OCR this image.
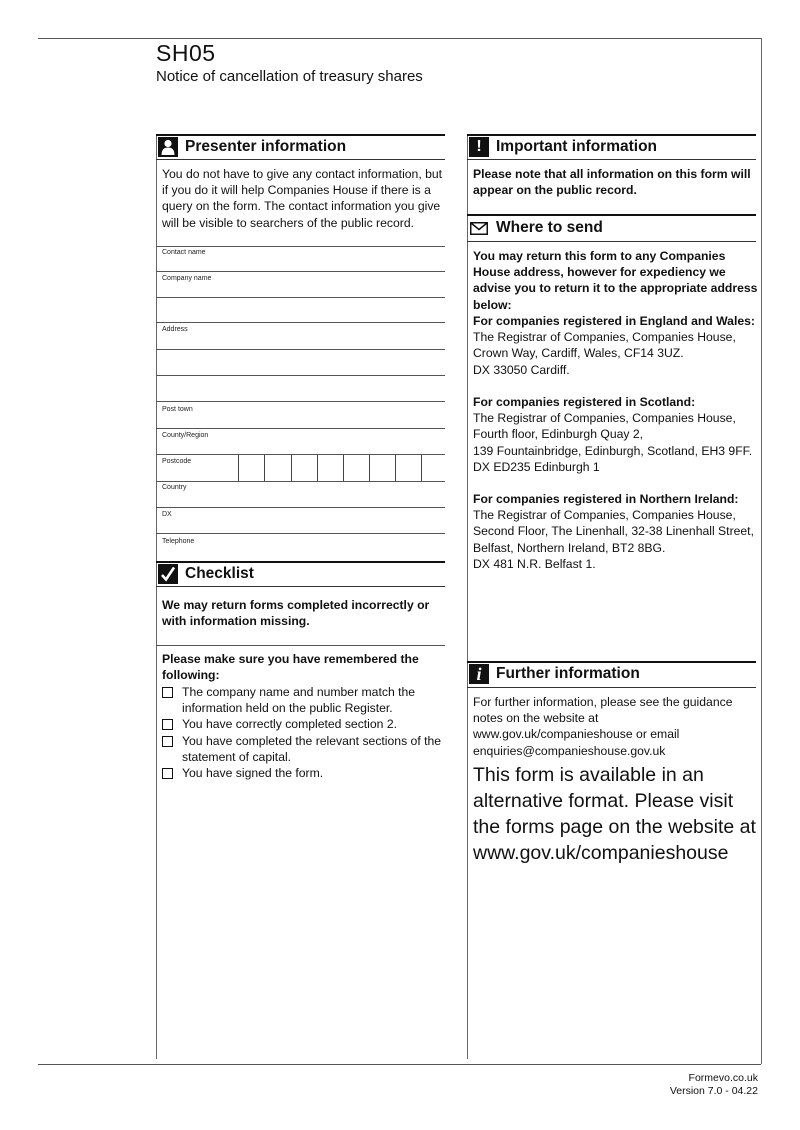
SH05
Notice of cancellation of treasury shares
Presenter information
You do not have to give any contact information, but if you do it will help Companies House if there is a query on the form. The contact information you give will be visible to searchers of the public record.
Contact name
Company name
Address
Post town
County/Region
Postcode
Country
DX
Telephone
Checklist
We may return forms completed incorrectly or with information missing.
Please make sure you have remembered the following:
The company name and number match the information held on the public Register.
You have correctly completed section 2.
You have completed the relevant sections of the statement of capital.
You have signed the form.
! Important information
Please note that all information on this form will appear on the public record.
Where to send
You may return this form to any Companies House address, however for expediency we advise you to return it to the appropriate address below:
For companies registered in England and Wales:
The Registrar of Companies, Companies House,
Crown Way, Cardiff, Wales, CF14 3UZ.
DX 33050 Cardiff.
For companies registered in Scotland:
The Registrar of Companies, Companies House,
Fourth floor, Edinburgh Quay 2,
139 Fountainbridge, Edinburgh, Scotland, EH3 9FF.
DX ED235 Edinburgh 1
For companies registered in Northern Ireland:
The Registrar of Companies, Companies House,
Second Floor, The Linenhall, 32-38 Linenhall Street,
Belfast, Northern Ireland, BT2 8BG.
DX 481 N.R. Belfast 1.
i Further information
For further information, please see the guidance notes on the website at www.gov.uk/companieshouse or email enquiries@companieshouse.gov.uk
This form is available in an alternative format. Please visit the forms page on the website at www.gov.uk/companieshouse
Formevo.co.uk
Version 7.0 - 04.22
